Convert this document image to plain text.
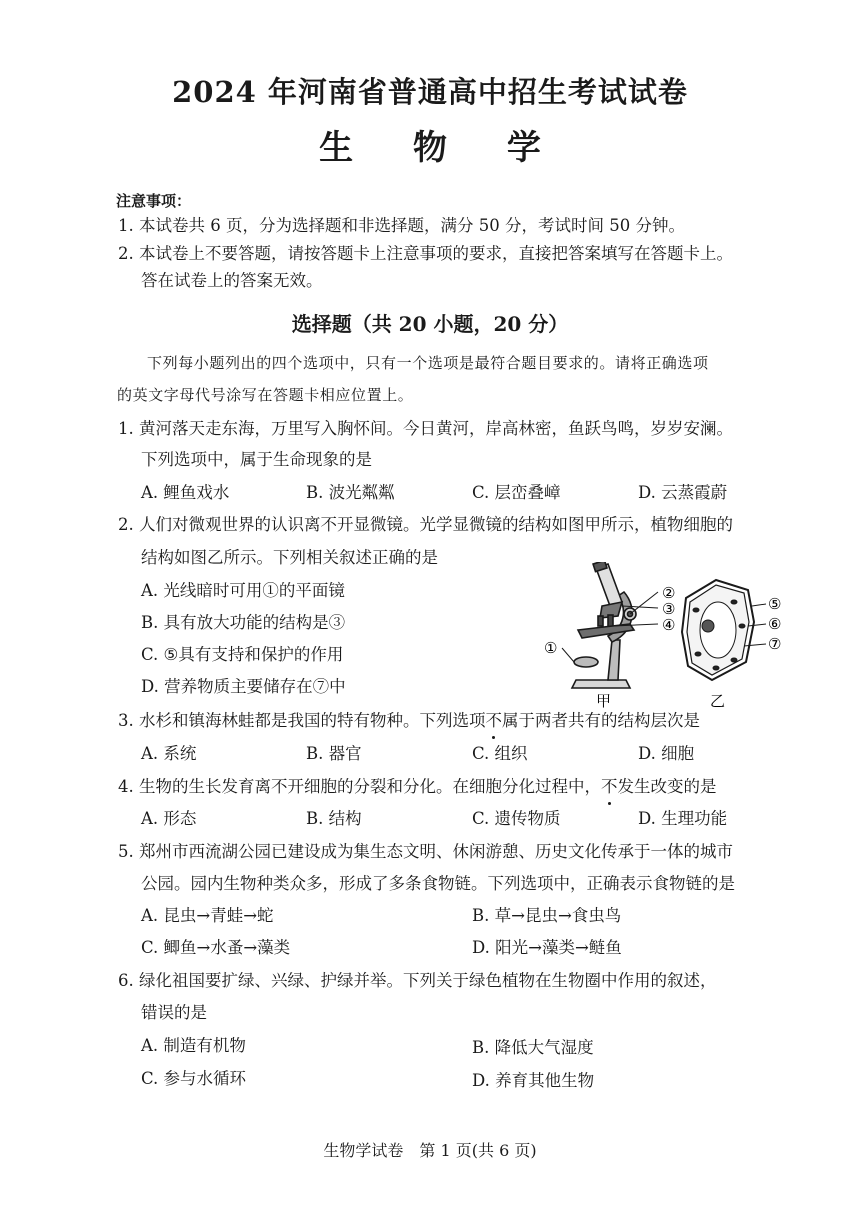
2024 年河南省普通高中招生考试试卷
生 物 学
注意事项：
1. 本试卷共 6 页，分为选择题和非选择题，满分 50 分，考试时间 50 分钟。
2. 本试卷上不要答题，请按答题卡上注意事项的要求，直接把答案填写在答题卡上。
答在试卷上的答案无效。
选择题（共 20 小题，20 分）
下列每小题列出的四个选项中，只有一个选项是最符合题目要求的。请将正确选项
的英文字母代号涂写在答题卡相应位置上。
1. 黄河落天走东海，万里写入胸怀间。今日黄河，岸高林密，鱼跃鸟鸣，岁岁安澜。
下列选项中，属于生命现象的是
A. 鲤鱼戏水	B. 波光粼粼	C. 层峦叠嶂	D. 云蒸霞蔚
2. 人们对微观世界的认识离不开显微镜。光学显微镜的结构如图甲所示，植物细胞的
结构如图乙所示。下列相关叙述正确的是
A. 光线暗时可用①的平面镜
B. 具有放大功能的结构是③
C. ⑤具有支持和保护的作用
D. 营养物质主要储存在⑦中
②
③
④
①
甲
⑤
⑥
⑦
乙
3. 水杉和镇海林蛙都是我国的特有物种。下列选项不属于两者共有的结构层次是
A. 系统	B. 器官	C. 组织	D. 细胞
4. 生物的生长发育离不开细胞的分裂和分化。在细胞分化过程中，不发生改变的是
A. 形态	B. 结构	C. 遗传物质	D. 生理功能
5. 郑州市西流湖公园已建设成为集生态文明、休闲游憩、历史文化传承于一体的城市
公园。园内生物种类众多，形成了多条食物链。下列选项中，正确表示食物链的是
A. 昆虫→青蛙→蛇	B. 草→昆虫→食虫鸟
C. 鲫鱼→水蚤→藻类	D. 阳光→藻类→鲢鱼
6. 绿化祖国要扩绿、兴绿、护绿并举。下列关于绿色植物在生物圈中作用的叙述，
错误的是
A. 制造有机物	B. 降低大气湿度
C. 参与水循环	D. 养育其他生物
生物学试卷　第 1 页(共 6 页)
